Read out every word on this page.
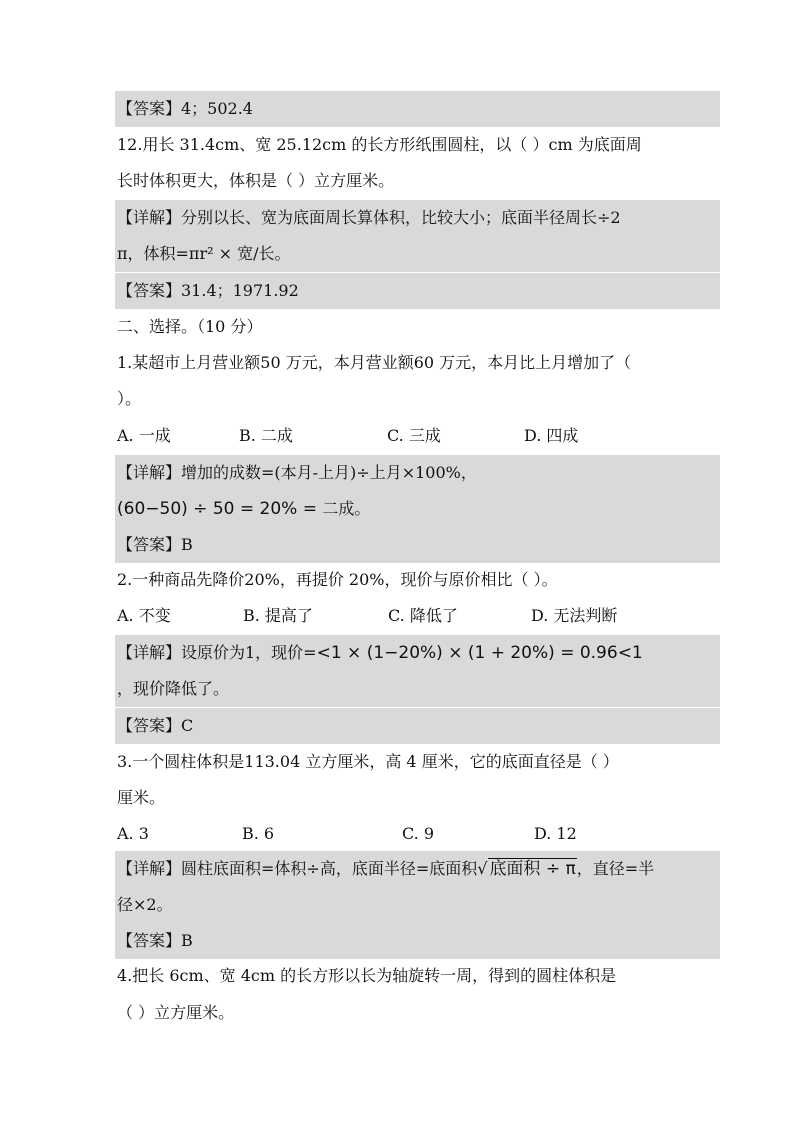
【答案】4；502.4
12.用长 31.4cm、宽 25.12cm 的长方形纸围圆柱，以（ ）cm 为底面周
长时体积更大，体积是（ ）立方厘米。
【详解】分别以长、宽为底面周长算体积，比较大小；底面半径周长÷2
π，体积=πr² × 宽/长。
【答案】31.4；1971.92
二、选择。（10 分）
1.某超市上月营业额50 万元，本月营业额60 万元，本月比上月增加了（
）。
A. 一成	B. 二成	C. 三成	D. 四成
【详解】增加的成数=(本月-上月)÷上月×100%，
(60−50) ÷ 50 = 20% = 二成。
【答案】B
2.一种商品先降价20%，再提价 20%，现价与原价相比（ ）。
A. 不变	B. 提高了	C. 降低了	D. 无法判断
【详解】设原价为1，现价=<1 × (1−20%) × (1 + 20%) = 0.96<1
，现价降低了。
【答案】C
3.一个圆柱体积是113.04 立方厘米，高 4 厘米，它的底面直径是（ ）
厘米。
A. 3	B. 6	C. 9	D. 12
【详解】圆柱底面积=体积÷高，底面半径=底面积√ 底面积 ÷ π，直径=半
径×2。
【答案】B
4.把长 6cm、宽 4cm 的长方形以长为轴旋转一周，得到的圆柱体积是
（ ）立方厘米。
